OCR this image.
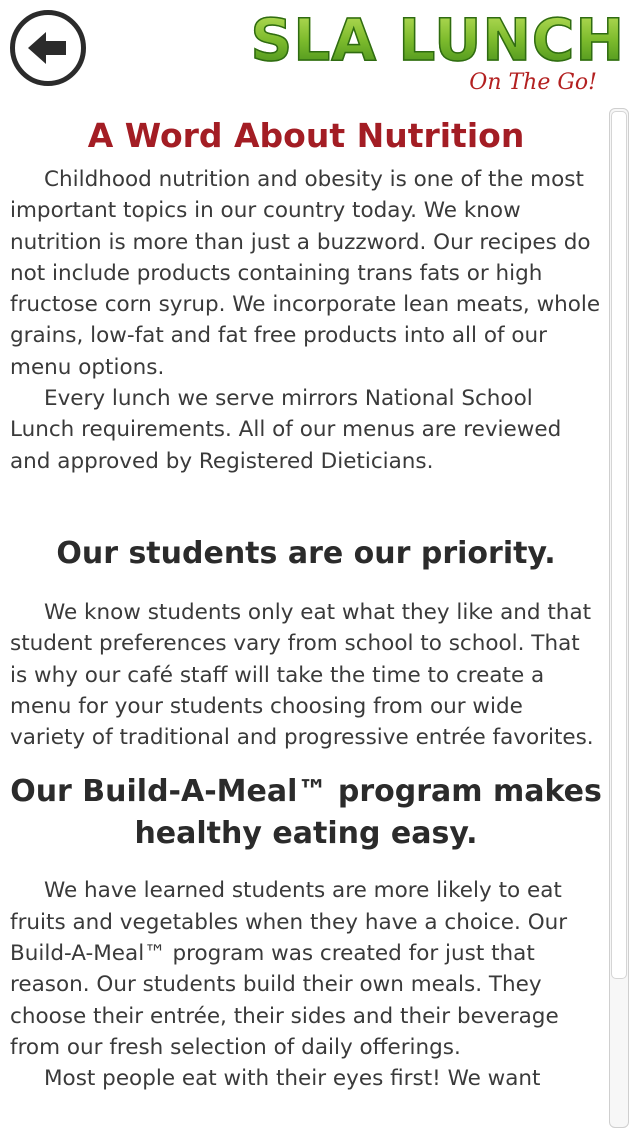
SLA LUNCH
On The Go!
A Word About Nutrition

Childhood nutrition and obesity is one of the most important topics in our country today. We know nutrition is more than just a buzzword. Our recipes do not include products containing trans fats or high fructose corn syrup. We incorporate lean meats, whole grains, low-fat and fat free products into all of our menu options.

Every lunch we serve mirrors National School Lunch requirements. All of our menus are reviewed and approved by Registered Dieticians.

Our students are our priority.

We know students only eat what they like and that student preferences vary from school to school. That is why our café staff will take the time to create a menu for your students choosing from our wide variety of traditional and progressive entrée favorites.

Our Build-A-Meal™ program makes healthy eating easy.

We have learned students are more likely to eat fruits and vegetables when they have a choice. Our Build-A-Meal™ program was created for just that reason. Our students build their own meals. They choose their entrée, their sides and their beverage from our fresh selection of daily offerings.

Most people eat with their eyes first! We want
